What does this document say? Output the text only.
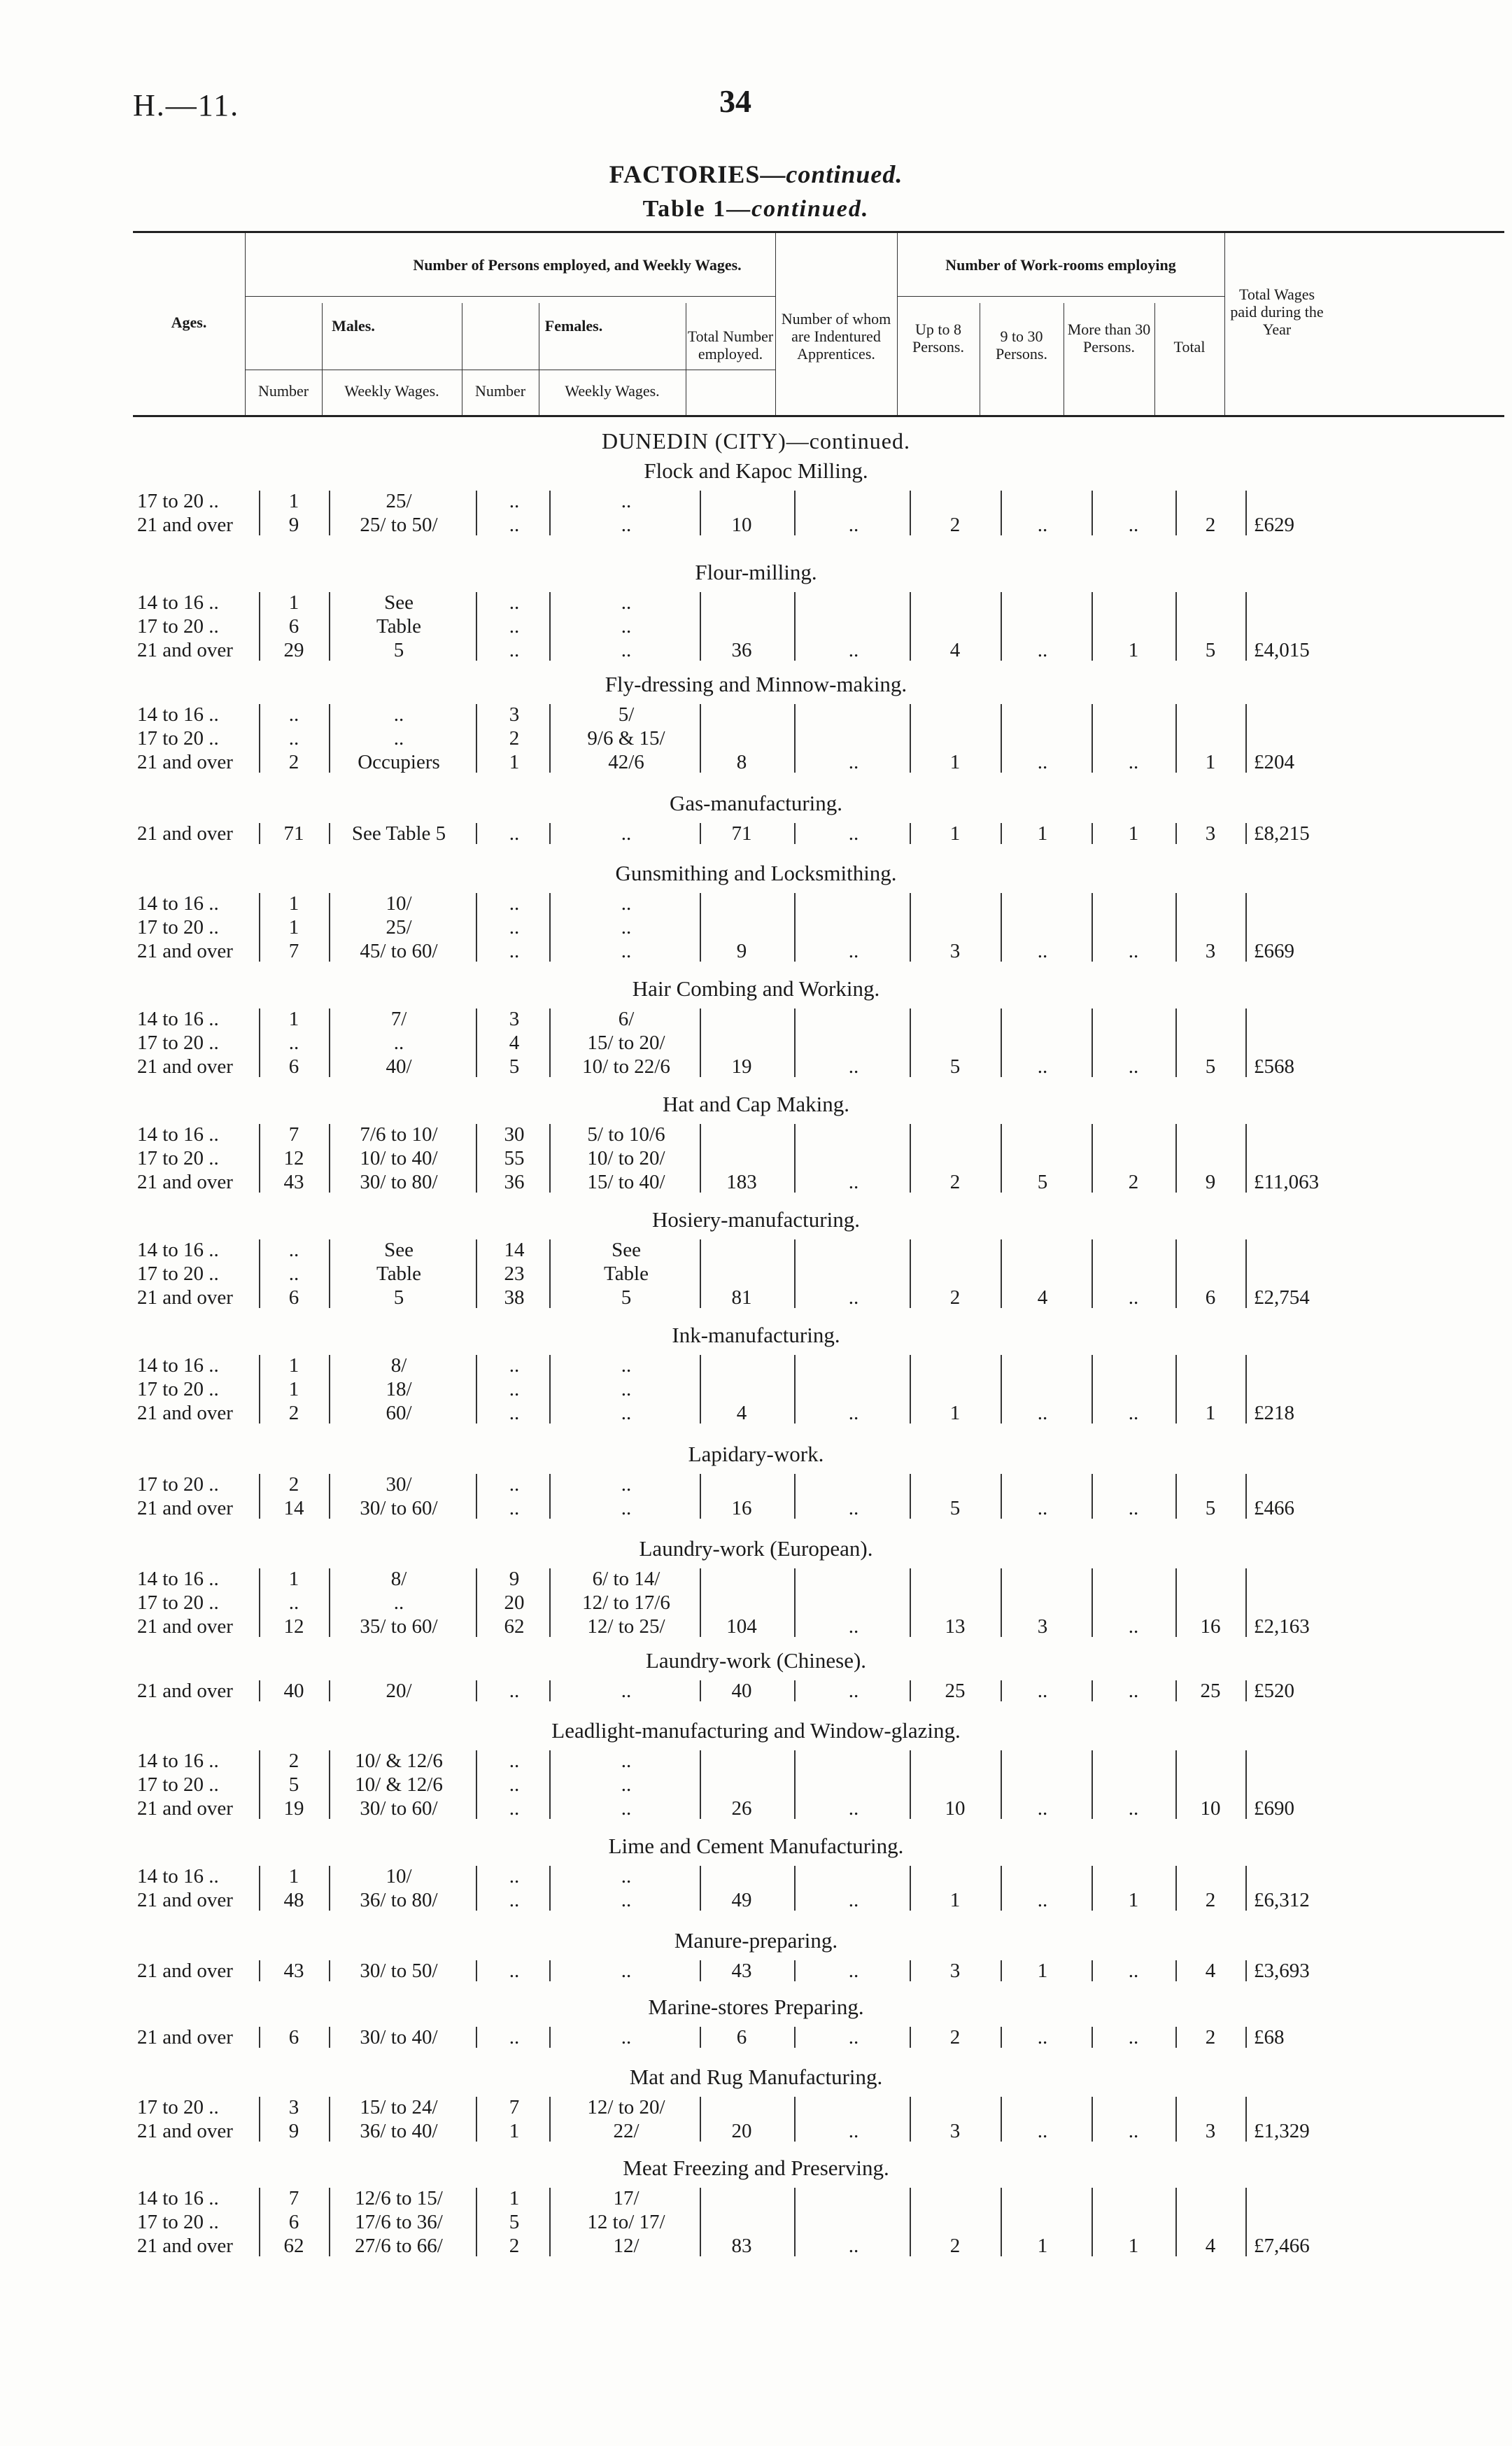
H.—11.	34
FACTORIES—continued.
Table 1—continued.
Ages.
Number of Persons employed, and Weekly Wages.
Males.	Females.
Number	Weekly Wages.	Number	Weekly Wages.
Total Number employed.
Number of whom are Indentured Apprentices.
Number of Work-rooms employing
Up to 8 Persons.
9 to 30 Persons.
More than 30 Persons.	Total
Total Wages paid during the Year
DUNEDIN (CITY)—continued.
Flock and Kapoc Milling.
17 to 20 ..	1	25/	..	..
21 and over	9	25/ to 50/	..	..	10	..	2	..	..	2	£629
Flour-milling.
14 to 16 ..	1	See	..	..
17 to 20 ..	6	Table	..	..
21 and over	29	5	..	..	36	..	4	..	1	5	£4,015
Fly-dressing and Minnow-making.
14 to 16 ..	..	..	3	5/
17 to 20 ..	..	..	2	9/6 & 15/
21 and over	2	Occupiers	1	42/6	8	..	1	..	..	1	£204
Gas-manufacturing.
21 and over	71	See Table 5	..	..	71	..	1	1	1	3	£8,215
Gunsmithing and Locksmithing.
14 to 16 ..	1	10/	..	..
17 to 20 ..	1	25/	..	..
21 and over	7	45/ to 60/	..	..	9	..	3	..	..	3	£669
Hair Combing and Working.
14 to 16 ..	1	7/	3	6/
17 to 20 ..	..	..	4	15/ to 20/
21 and over	6	40/	5	10/ to 22/6	19	..	5	..	..	5	£568
Hat and Cap Making.
14 to 16 ..	7	7/6 to 10/	30	5/ to 10/6
17 to 20 ..	12	10/ to 40/	55	10/ to 20/
21 and over	43	30/ to 80/	36	15/ to 40/	183	..	2	5	2	9	£11,063
Hosiery-manufacturing.
14 to 16 ..	..	See	14	See
17 to 20 ..	..	Table	23	Table
21 and over	6	5	38	5	81	..	2	4	..	6	£2,754
Ink-manufacturing.
14 to 16 ..	1	8/	..	..
17 to 20 ..	1	18/	..	..
21 and over	2	60/	..	..	4	..	1	..	..	1	£218
Lapidary-work.
17 to 20 ..	2	30/	..	..
21 and over	14	30/ to 60/	..	..	16	..	5	..	..	5	£466
Laundry-work (European).
14 to 16 ..	1	8/	9	6/ to 14/
17 to 20 ..	..	..	20	12/ to 17/6
21 and over	12	35/ to 60/	62	12/ to 25/	104	..	13	3	..	16	£2,163
Laundry-work (Chinese).
21 and over	40	20/	..	..	40	..	25	..	..	25	£520
Leadlight-manufacturing and Window-glazing.
14 to 16 ..	2	10/ & 12/6	..	..
17 to 20 ..	5	10/ & 12/6	..	..
21 and over	19	30/ to 60/	..	..	26	..	10	..	..	10	£690
Lime and Cement Manufacturing.
14 to 16 ..	1	10/	..	..
21 and over	48	36/ to 80/	..	..	49	..	1	..	1	2	£6,312
Manure-preparing.
21 and over	43	30/ to 50/	..	..	43	..	3	1	..	4	£3,693
Marine-stores Preparing.
21 and over	6	30/ to 40/	..	..	6	..	2	..	..	2	£68
Mat and Rug Manufacturing.
17 to 20 ..	3	15/ to 24/	7	12/ to 20/
21 and over	9	36/ to 40/	1	22/	20	..	3	..	..	3	£1,329
Meat Freezing and Preserving.
14 to 16 ..	7	12/6 to 15/	1	17/
17 to 20 ..	6	17/6 to 36/	5	12 to/ 17/
21 and over	62	27/6 to 66/	2	12/	83	..	2	1	1	4	£7,466
